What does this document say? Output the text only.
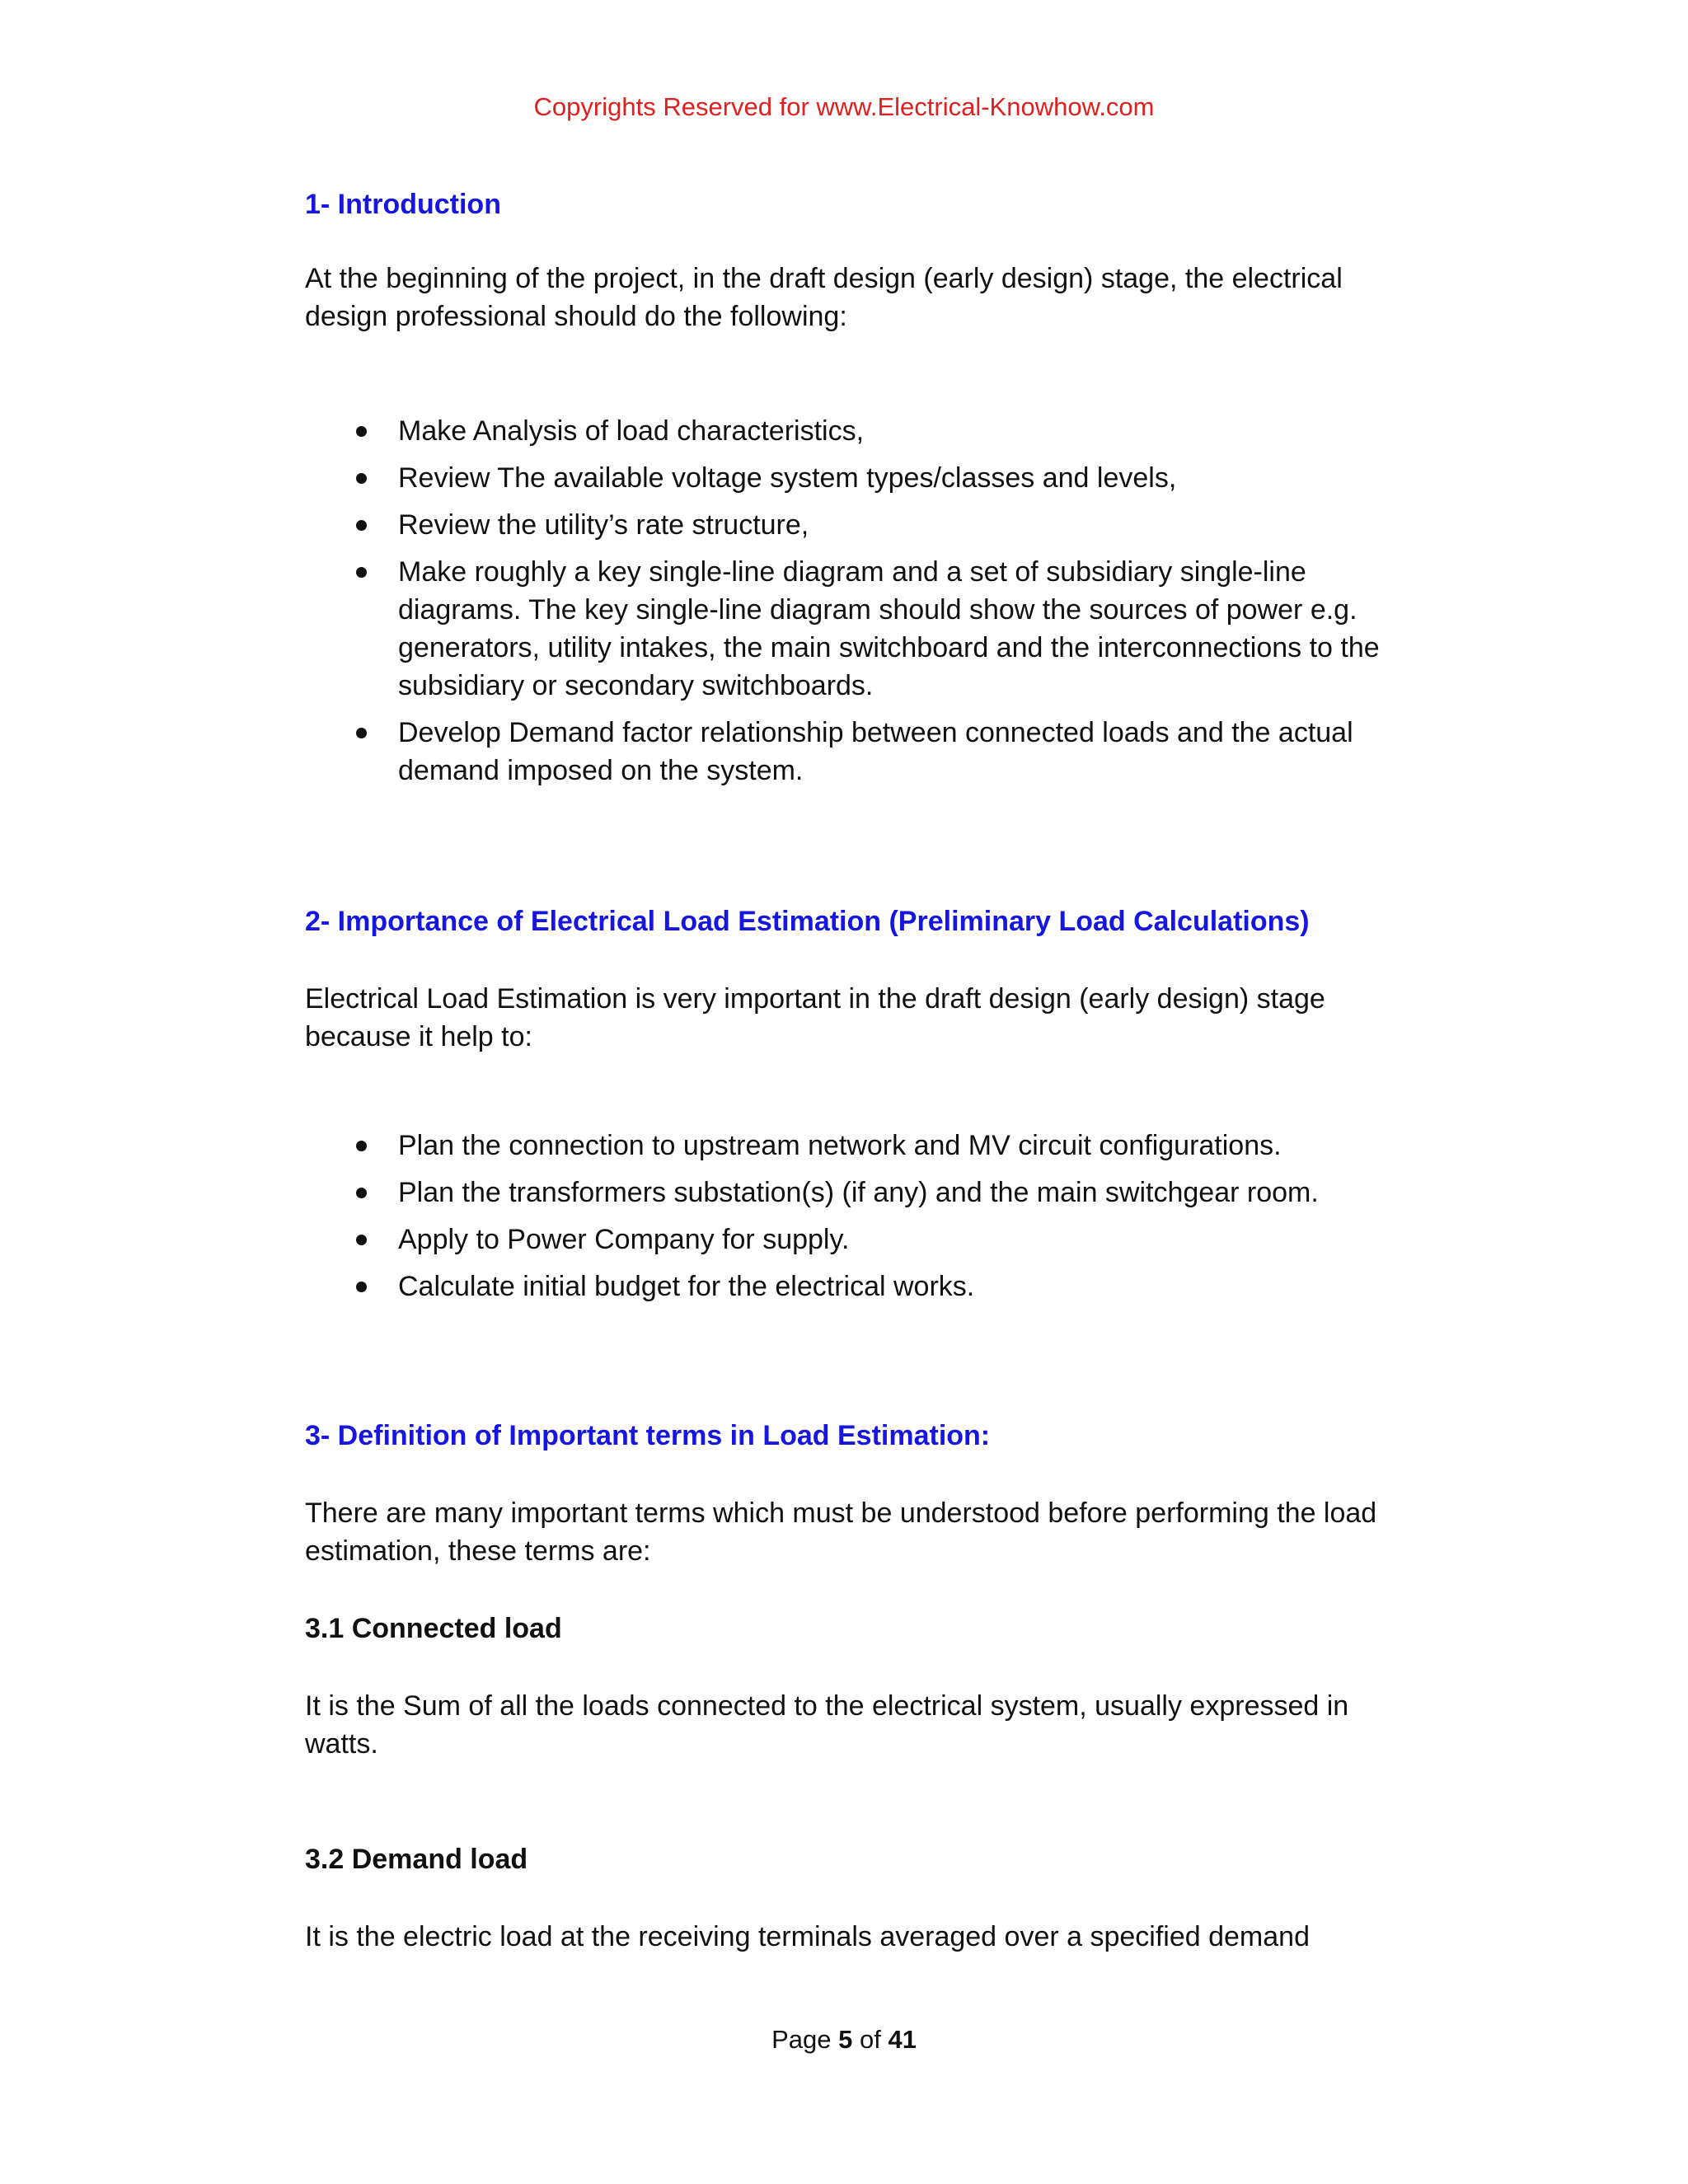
Copyrights Reserved for www.Electrical-Knowhow.com
1- Introduction

At the beginning of the project, in the draft design (early design) stage, the electrical design professional should do the following:

Make Analysis of load characteristics,
Review The available voltage system types/classes and levels,
Review the utility’s rate structure,
Make roughly a key single-line diagram and a set of subsidiary single-line diagrams. The key single-line diagram should show the sources of power e.g. generators, utility intakes, the main switchboard and the interconnections to the subsidiary or secondary switchboards.
Develop Demand factor relationship between connected loads and the actual demand imposed on the system.
2- Importance of Electrical Load Estimation (Preliminary Load Calculations)

Electrical Load Estimation is very important in the draft design (early design) stage because it help to:

Plan the connection to upstream network and MV circuit configurations.
Plan the transformers substation(s) (if any) and the main switchgear room.
Apply to Power Company for supply.
Calculate initial budget for the electrical works.
3- Definition of Important terms in Load Estimation:

There are many important terms which must be understood before performing the load estimation, these terms are:

3.1 Connected load

It is the Sum of all the loads connected to the electrical system, usually expressed in watts.

3.2 Demand load

It is the electric load at the receiving terminals averaged over a specified demand

Page 5 of 41
